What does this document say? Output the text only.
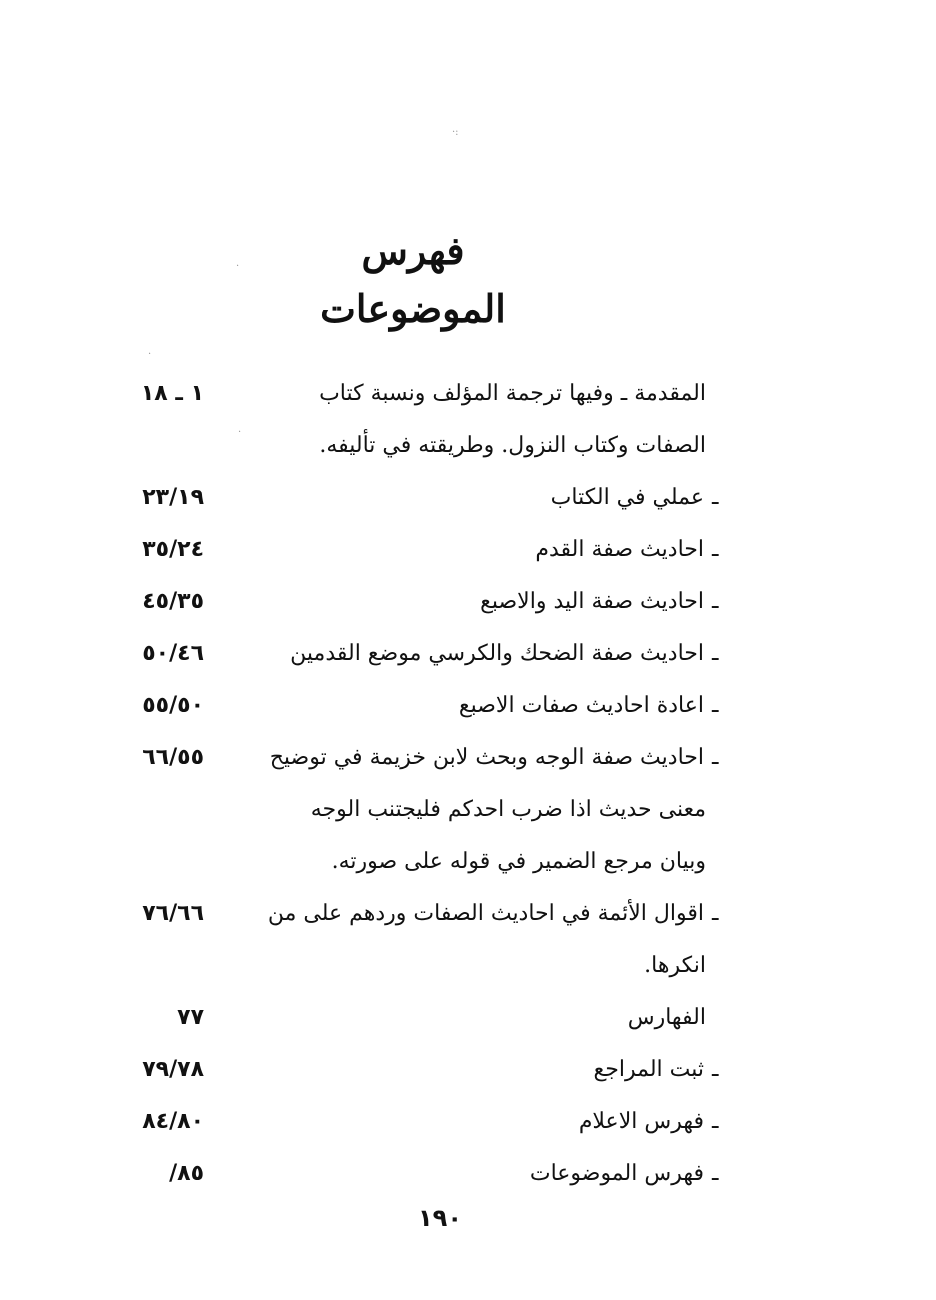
·:
·
·
·
فهرس الموضوعات
المقدمة ـ وفيها ترجمة المؤلف ونسبة كتاب
الصفات وكتاب النزول. وطريقته في تأليفه.
١ ـ ١٨
ـ
عملي في الكتاب
٢٣/١٩
ـ
احاديث صفة القدم
٣٥/٢٤
ـ
احاديث صفة اليد والاصبع
٤٥/٣٥
ـ
احاديث صفة الضحك والكرسي موضع القدمين
٥٠/٤٦
ـ
اعادة احاديث صفات الاصبع
٥٥/٥٠
ـ
احاديث صفة الوجه وبحث لابن خزيمة في توضيح
معنى حديث اذا ضرب احدكم فليجتنب الوجه
وبيان مرجع الضمير في قوله على صورته.
٦٦/٥٥
ـ
اقوال الأئمة في احاديث الصفات وردهم على من
انكرها.
٧٦/٦٦
الفهارس
٧٧
ـ
ثبت المراجع
٧٩/٧٨
ـ
فهرس الاعلام
٨٤/٨٠
ـ
فهرس الموضوعات
/٨٥
١٩٠
